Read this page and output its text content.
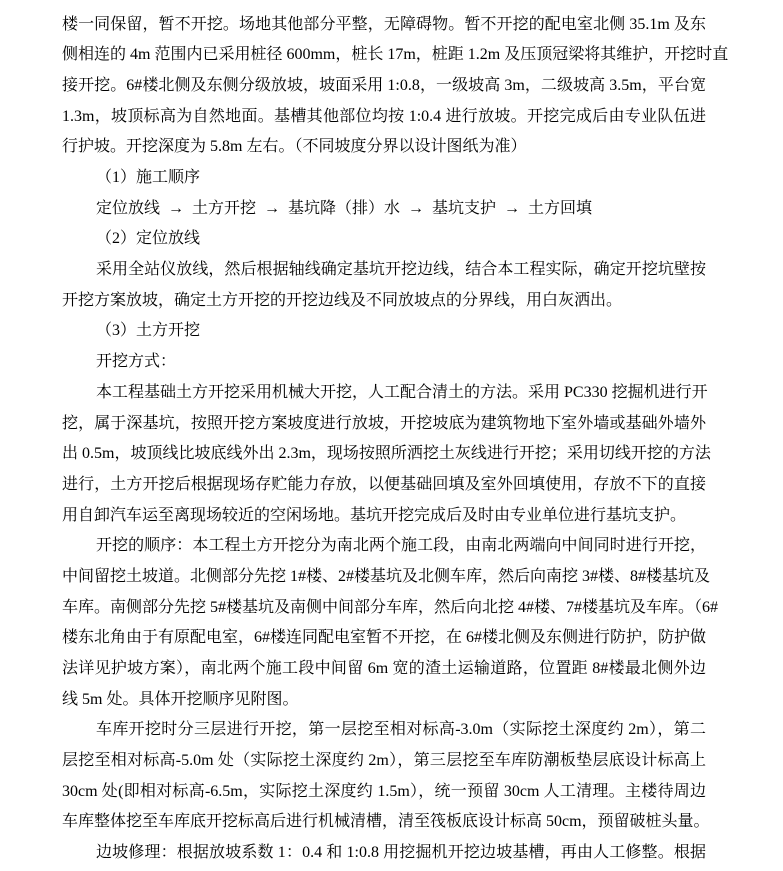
楼一同保留，暂不开挖。场地其他部分平整，无障碍物。暂不开挖的配电室北侧 35.1m 及东
侧相连的 4m 范围内已采用桩径 600mm，桩长 17m，桩距 1.2m 及压顶冠梁将其维护，开挖时直
接开挖。6#楼北侧及东侧分级放坡，坡面采用 1:0.8，一级坡高 3m，二级坡高 3.5m，平台宽
1.3m，坡顶标高为自然地面。基槽其他部位均按 1:0.4 进行放坡。开挖完成后由专业队伍进
行护坡。开挖深度为 5.8m 左右。（不同坡度分界以设计图纸为准）
（1）施工顺序
定位放线 → 土方开挖 → 基坑降（排）水 → 基坑支护 → 土方回填
（2）定位放线
采用全站仪放线，然后根据轴线确定基坑开挖边线，结合本工程实际，确定开挖坑壁按
开挖方案放坡，确定土方开挖的开挖边线及不同放坡点的分界线，用白灰洒出。
（3）土方开挖
开挖方式：
本工程基础土方开挖采用机械大开挖，人工配合清土的方法。采用 PC330 挖掘机进行开
挖，属于深基坑，按照开挖方案坡度进行放坡，开挖坡底为建筑物地下室外墙或基础外墙外
出 0.5m，坡顶线比坡底线外出 2.3m，现场按照所洒挖土灰线进行开挖；采用切线开挖的方法
进行，土方开挖后根据现场存贮能力存放，以便基础回填及室外回填使用，存放不下的直接
用自卸汽车运至离现场较近的空闲场地。基坑开挖完成后及时由专业单位进行基坑支护。
开挖的顺序：本工程土方开挖分为南北两个施工段，由南北两端向中间同时进行开挖，
中间留挖土坡道。北侧部分先挖 1#楼、2#楼基坑及北侧车库，然后向南挖 3#楼、8#楼基坑及
车库。南侧部分先挖 5#楼基坑及南侧中间部分车库，然后向北挖 4#楼、7#楼基坑及车库。（6#
楼东北角由于有原配电室，6#楼连同配电室暂不开挖，在 6#楼北侧及东侧进行防护，防护做
法详见护坡方案），南北两个施工段中间留 6m 宽的渣土运输道路，位置距 8#楼最北侧外边
线 5m 处。具体开挖顺序见附图。
车库开挖时分三层进行开挖，第一层挖至相对标高-3.0m（实际挖土深度约 2m），第二
层挖至相对标高-5.0m 处（实际挖土深度约 2m），第三层挖至车库防潮板垫层底设计标高上
30cm 处(即相对标高-6.5m，实际挖土深度约 1.5m），统一预留 30cm 人工清理。主楼待周边
车库整体挖至车库底开挖标高后进行机械清槽，清至筏板底设计标高 50cm，预留破桩头量。
边坡修理：根据放坡系数 1：0.4 和 1:0.8 用挖掘机开挖边坡基槽，再由人工修整。根据
